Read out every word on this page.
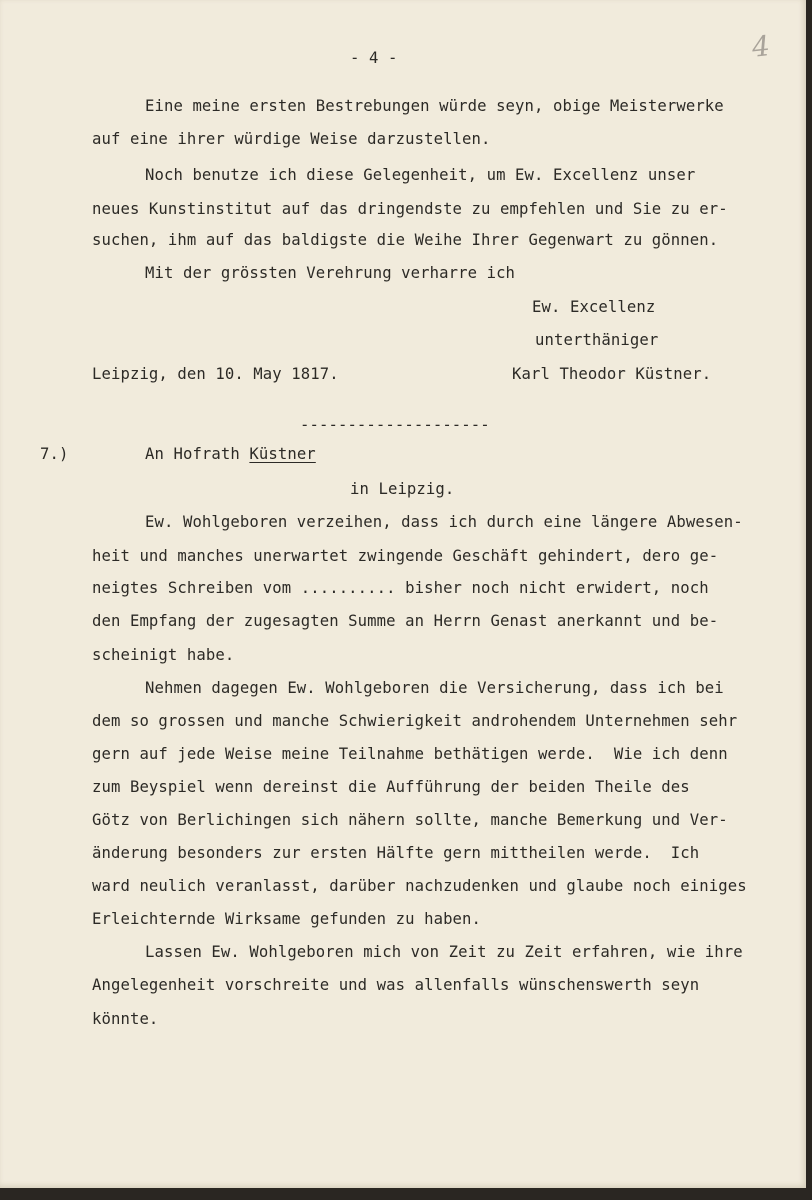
- 4 -	4
Eine meine ersten Bestrebungen würde seyn, obige Meisterwerke
auf eine ihrer würdige Weise darzustellen.
Noch benutze ich diese Gelegenheit, um Ew. Excellenz unser
neues Kunstinstitut auf das dringendste zu empfehlen und Sie zu er-
suchen, ihm auf das baldigste die Weihe Ihrer Gegenwart zu gönnen.
Mit der grössten Verehrung verharre ich
Ew. Excellenz
unterthäniger
Leipzig, den 10. May 1817.	Karl Theodor Küstner.
--------------------
7.)	An Hofrath Küstner
in Leipzig.
Ew. Wohlgeboren verzeihen, dass ich durch eine längere Abwesen-
heit und manches unerwartet zwingende Geschäft gehindert, dero ge-
neigtes Schreiben vom .......... bisher noch nicht erwidert, noch
den Empfang der zugesagten Summe an Herrn Genast anerkannt und be-
scheinigt habe.
Nehmen dagegen Ew. Wohlgeboren die Versicherung, dass ich bei
dem so grossen und manche Schwierigkeit androhendem Unternehmen sehr
gern auf jede Weise meine Teilnahme bethätigen werde.  Wie ich denn
zum Beyspiel wenn dereinst die Aufführung der beiden Theile des
Götz von Berlichingen sich nähern sollte, manche Bemerkung und Ver-
änderung besonders zur ersten Hälfte gern mittheilen werde.  Ich
ward neulich veranlasst, darüber nachzudenken und glaube noch einiges
Erleichternde Wirksame gefunden zu haben.
Lassen Ew. Wohlgeboren mich von Zeit zu Zeit erfahren, wie ihre
Angelegenheit vorschreite und was allenfalls wünschenswerth seyn
könnte.
